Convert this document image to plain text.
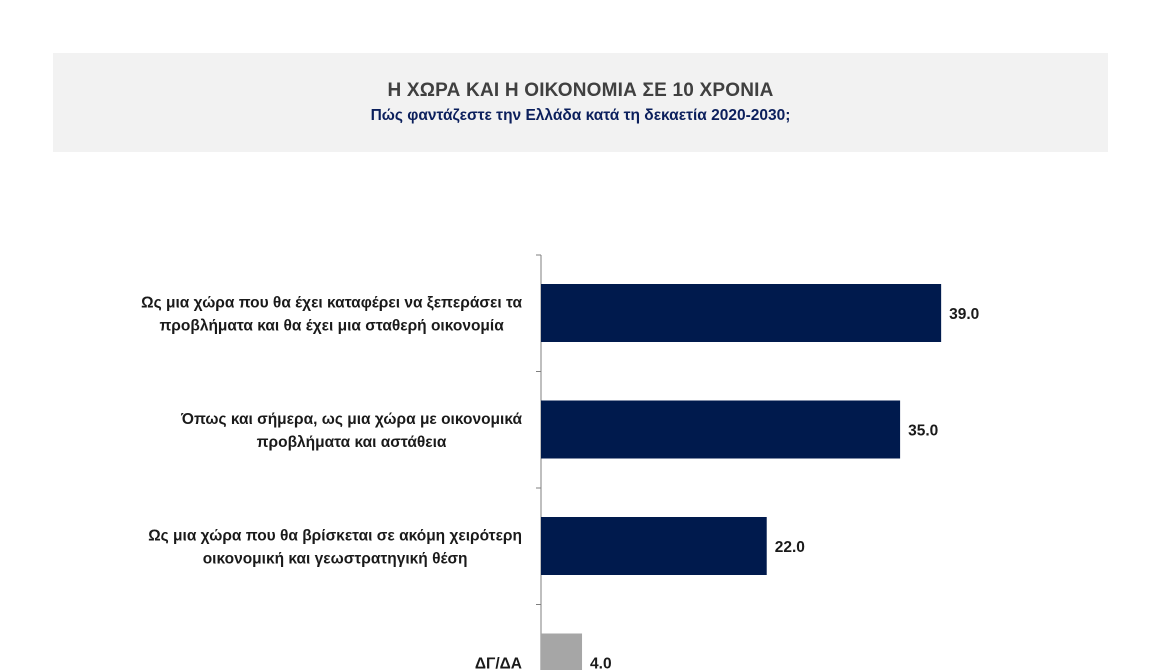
Η ΧΩΡΑ ΚΑΙ Η ΟΙΚΟΝΟΜΙΑ ΣΕ 10 ΧΡΟΝΙΑ
Πώς φαντάζεστε την Ελλάδα κατά τη δεκαετία 2020-2030;
39.0
Ως μια χώρα που θα έχει καταφέρει να ξεπεράσει τα
προβλήματα και θα έχει μια σταθερή οικονομία
35.0
Όπως και σήμερα, ως μια χώρα με οικονομικά
προβλήματα και αστάθεια
22.0
Ως μια χώρα που θα βρίσκεται σε ακόμη χειρότερη
οικονομική και γεωστρατηγική θέση
4.0
ΔΓ/ΔΑ
